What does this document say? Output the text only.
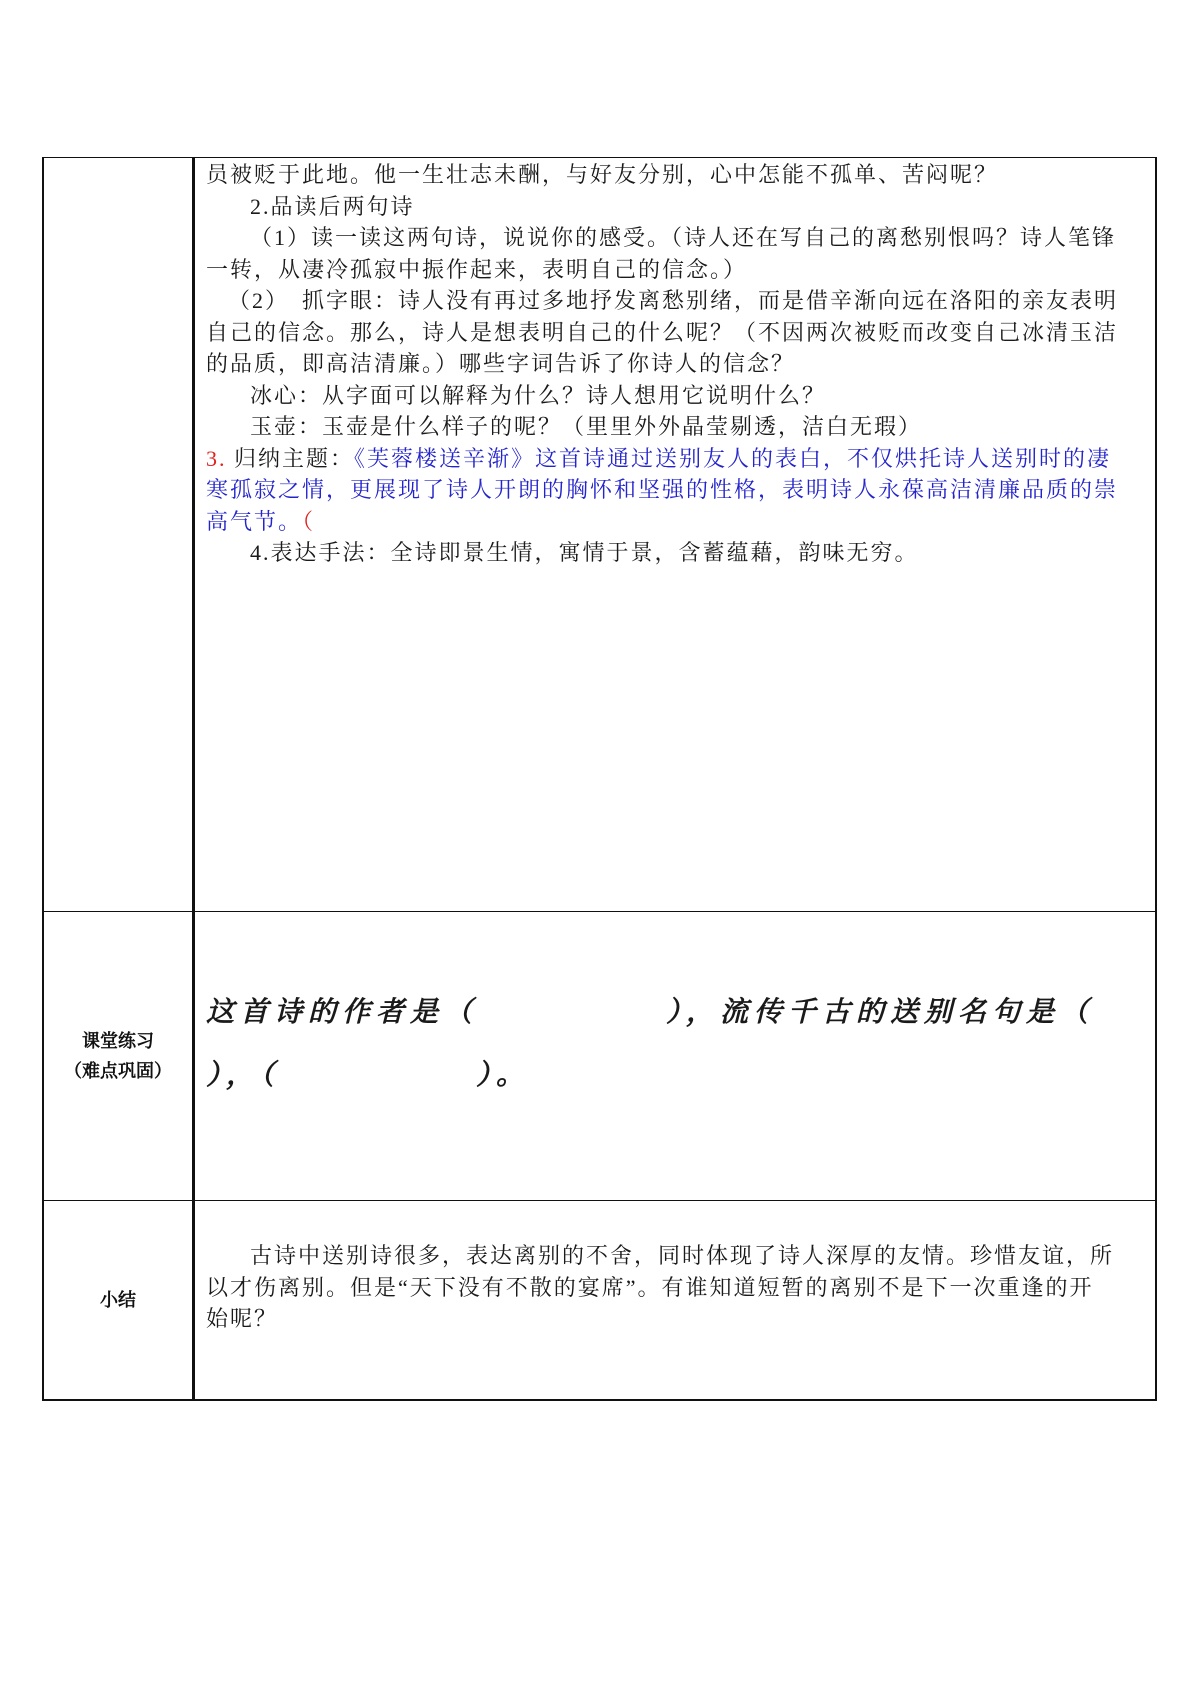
员被贬于此地。他一生壮志未酬，与好友分别，心中怎能不孤单、苦闷呢？
2.品读后两句诗
（1）读一读这两句诗，说说你的感受。（诗人还在写自己的离愁别恨吗？诗人笔锋
一转，从凄冷孤寂中振作起来，表明自己的信念。）
（2）　抓字眼：诗人没有再过多地抒发离愁别绪，而是借辛渐向远在洛阳的亲友表明
自己的信念。那么，诗人是想表明自己的什么呢？（不因两次被贬而改变自己冰清玉洁
的品质，即高洁清廉。）哪些字词告诉了你诗人的信念？
冰心：从字面可以解释为什么？诗人想用它说明什么？
玉壶：玉壶是什么样子的呢？（里里外外晶莹剔透，洁白无瑕）
3. 归纳主题：《芙蓉楼送辛渐》这首诗通过送别友人的表白，不仅烘托诗人送别时的凄
寒孤寂之情，更展现了诗人开朗的胸怀和坚强的性格，表明诗人永葆高洁清廉品质的崇
高气节。（
4.表达手法：全诗即景生情，寓情于景，含蓄蕴藉，韵味无穷。
课堂练习
（难点巩固）
这首诗的作者是（	），流传千古的送别名句是（
），（	）。
小结
古诗中送别诗很多，表达离别的不舍，同时体现了诗人深厚的友情。珍惜友谊，所
以才伤离别。但是“天下没有不散的宴席”。有谁知道短暂的离别不是下一次重逢的开
始呢？
